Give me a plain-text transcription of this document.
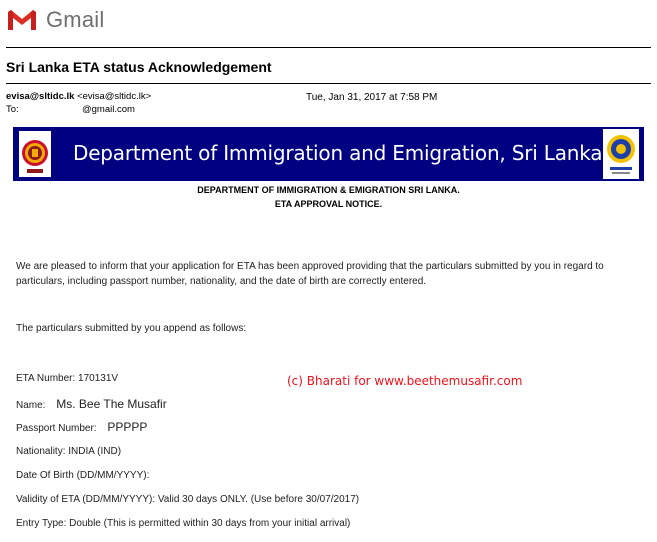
Gmail
Sri Lanka ETA status Acknowledgement
evisa@sltidc.lk <evisa@sltidc.lk>	Tue, Jan 31, 2017 at 7:58 PM
To:	@gmail.com
Department of Immigration and Emigration, Sri Lanka
DEPARTMENT OF IMMIGRATION & EMIGRATION SRI LANKA.
ETA APPROVAL NOTICE.
We are pleased to inform that your application for ETA has been approved providing that the particulars submitted by you in regard to
particulars, including passport number, nationality, and the date of birth are correctly entered.
The particulars submitted by you append as follows:
ETA Number: 170131V	(c) Bharati for www.beethemusafir.com
Name: Ms. Bee The Musafir
Passport Number: PPPPP
Nationality: INDIA (IND)
Date Of Birth (DD/MM/YYYY):
Validity of ETA (DD/MM/YYYY): Valid 30 days ONLY. (Use before 30/07/2017)
Entry Type: Double (This is permitted within 30 days from your initial arrival)
